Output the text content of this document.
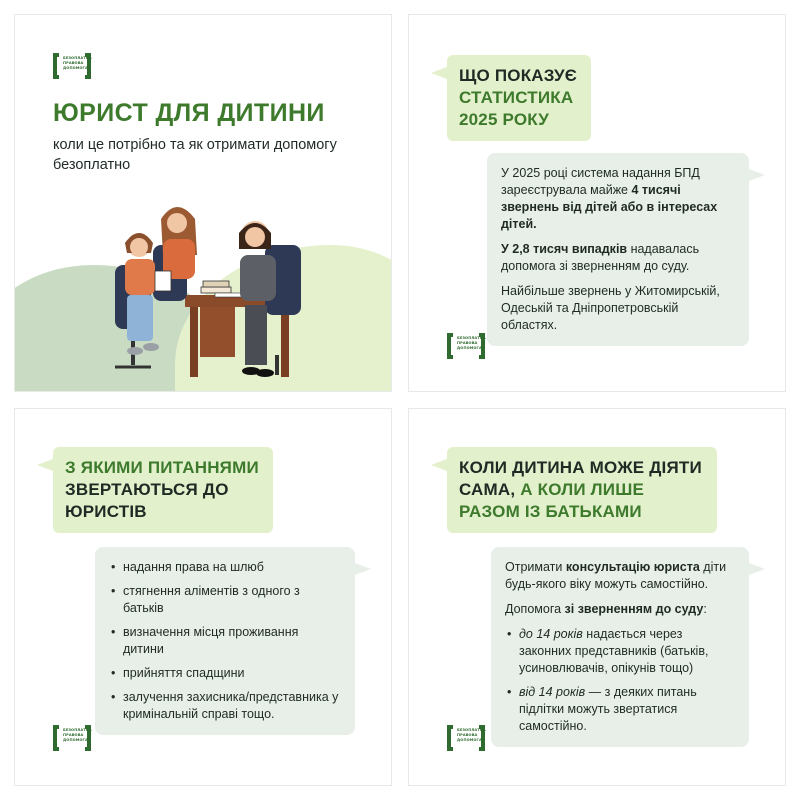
БЕЗОПЛАТНА
ПРАВОВА
ДОПОМОГА
ЮРИСТ ДЛЯ ДИТИНИ
коли це потрібно та як отримати допомогу безоплатно
ЩО ПОКАЗУЄ
СТАТИСТИКА
2025 РОКУ

У 2025 році система надання БПД зареєструвала майже 4 тисячі звернень від дітей або в інтересах дітей.

У 2,8 тисяч випадків надавалась допомога зі зверненням до суду.

Найбільше звернень у Житомирській, Одеській та Дніпропетровській областях.

БЕЗОПЛАТНА
ПРАВОВА
ДОПОМОГА
З ЯКИМИ ПИТАННЯМИ
ЗВЕРТАЮТЬСЯ ДО ЮРИСТІВ
• надання права на шлюб
• стягнення аліментів з одного з батьків
• визначення місця проживання дитини
• прийняття спадщини
• залучення захисника/представника у кримінальній справі тощо.
БЕЗОПЛАТНА
ПРАВОВА
ДОПОМОГА
КОЛИ ДИТИНА МОЖЕ ДІЯТИ САМА, А КОЛИ ЛИШЕ РАЗОМ ІЗ БАТЬКАМИ

Отримати консультацію юриста діти будь-якого віку можуть самостійно.

Допомога зі зверненням до суду:

• до 14 років надається через законних представників (батьків, усиновлювачів, опікунів тощо)
• від 14 років — з деяких питань підлітки можуть звертатися самостійно.
БЕЗОПЛАТНА
ПРАВОВА
ДОПОМОГА
